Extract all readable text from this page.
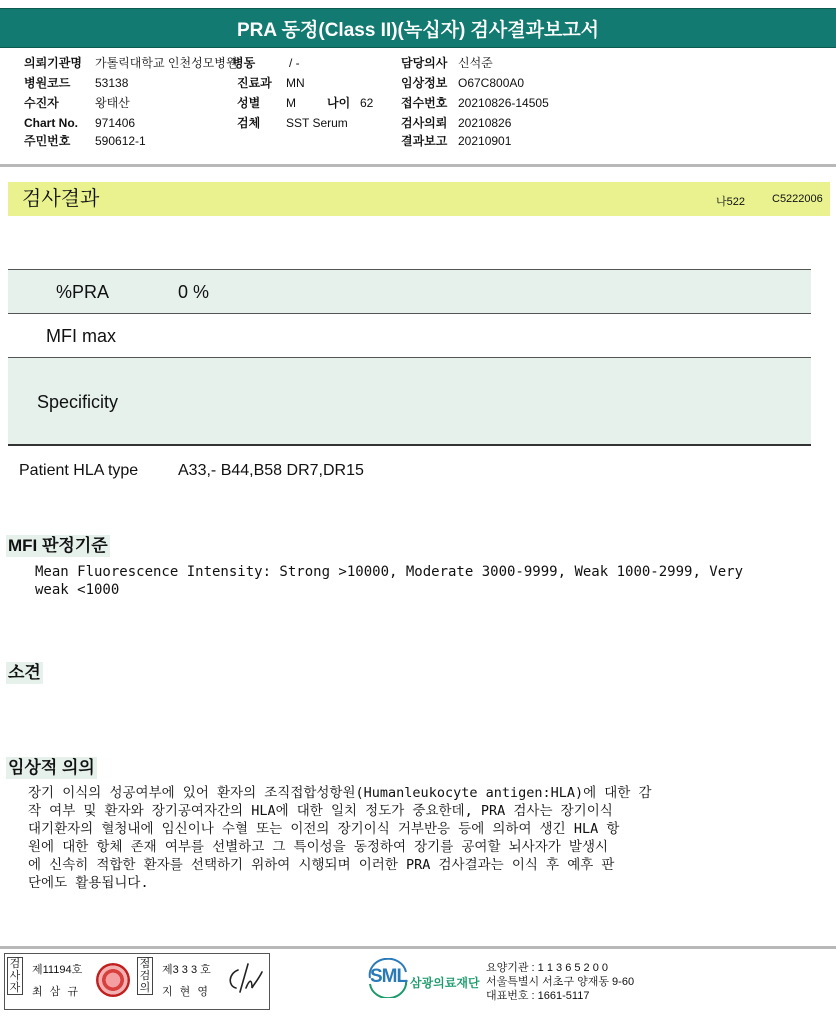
PRA 동정(Class II)(녹십자) 검사결과보고서
의뢰기관명 가톨릭대학교 인천성모병원
병동	/ -	담당의사 신석준
병원코드 53138	진료과 MN	임상정보 O67C800A0
수진자	왕태산	성별 M	나이 62 접수번호 20210826-14505
Chart No. 971406	검체 SST Serum	검사의뢰 20210826
주민번호 590612-1	결과보고 20210901
검사결과	나522 C5222006
%PRA	0 %
MFI max
Specificity
Patient HLA type A33,- B44,B58 DR7,DR15
MFI 판정기준
Mean Fluorescence Intensity: Strong >10000, Moderate 3000-9999, Weak 1000-2999, Very
weak <1000
소견
임상적 의의
장기 이식의 성공여부에 있어 환자의 조직접합성항원(Humanleukocyte antigen:HLA)에 대한 감
작 여부 및 환자와 장기공여자간의 HLA에 대한 일치 정도가 중요한데, PRA 검사는 장기이식
대기환자의 혈청내에 임신이나 수혈 또는 이전의 장기이식 거부반응 등에 의하여 생긴 HLA 항
원에 대한 항체 존재 여부를 선별하고 그 특이성을 동정하여 장기를 공여할 뇌사자가 발생시
에 신속히 적합한 환자를 선택하기 위하여 시행되며 이러한 PRA 검사결과는 이식 후 예후 판
단에도 활용됩니다.
검
사
자
제11194호
최 삼 규
점
검
의
제3 3 3 호
지 현 영
SML 삼광의료재단
요양기관 : 1 1 3 6 5 2 0 0
서울특별시 서초구 양재동 9-60
대표번호 : 1661-5117
